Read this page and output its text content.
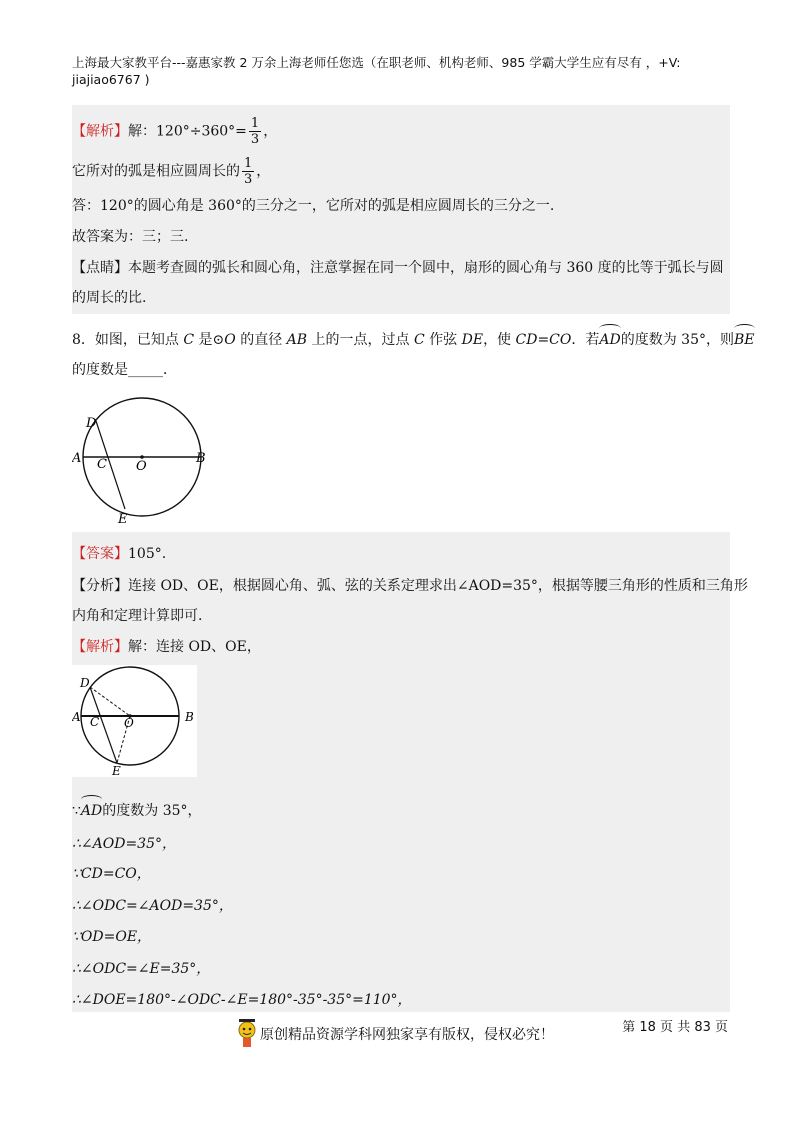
上海最大家教平台---嘉惠家教 2 万余上海老师任您选（在职老师、机构老师、985 学霸大学生应有尽有 ，+V:
jiajiao6767 )
【解析】解：$120^\circ\div 360^\circ= \frac{1}{3}$ ，
它所对的弧是相应圆周长的 $\frac{1}{3}$ ，
答：120°的圆心角是 360°的三分之一，它所对的弧是相应圆周长的三分之一.
故答案为：三；三.
【点睛】本题考查圆的弧长和圆心角，注意掌握在同一个圆中，扇形的圆心角与 360 度的比等于弧长与圆
的周长的比.
8．如图，已知点 C 是⊙O 的直径 AB 上的一点，过点 C 作弦 DE，使 CD=CO．若AD的度数为 35°，则BE
的度数是_____．
A	B
C
D
E
O
【答案】105°.
【分析】连接 OD、OE，根据圆心角、弧、弦的关系定理求出∠AOD=35°，根据等腰三角形的性质和三角形
内角和定理计算即可.
【解析】解：连接 OD、OE，
A	B
C
D
E
O
∵AD的度数为 35°，
∴∠AOD=35°，
∵CD=CO，
∴∠ODC=∠AOD=35°，
∵OD=OE，
∴∠ODC=∠E=35°，
∴∠DOE=180°-∠ODC-∠E=180°-35°-35°=110°，
第 18 页 共 83 页
原创精品资源学科网独家享有版权，侵权必究！
